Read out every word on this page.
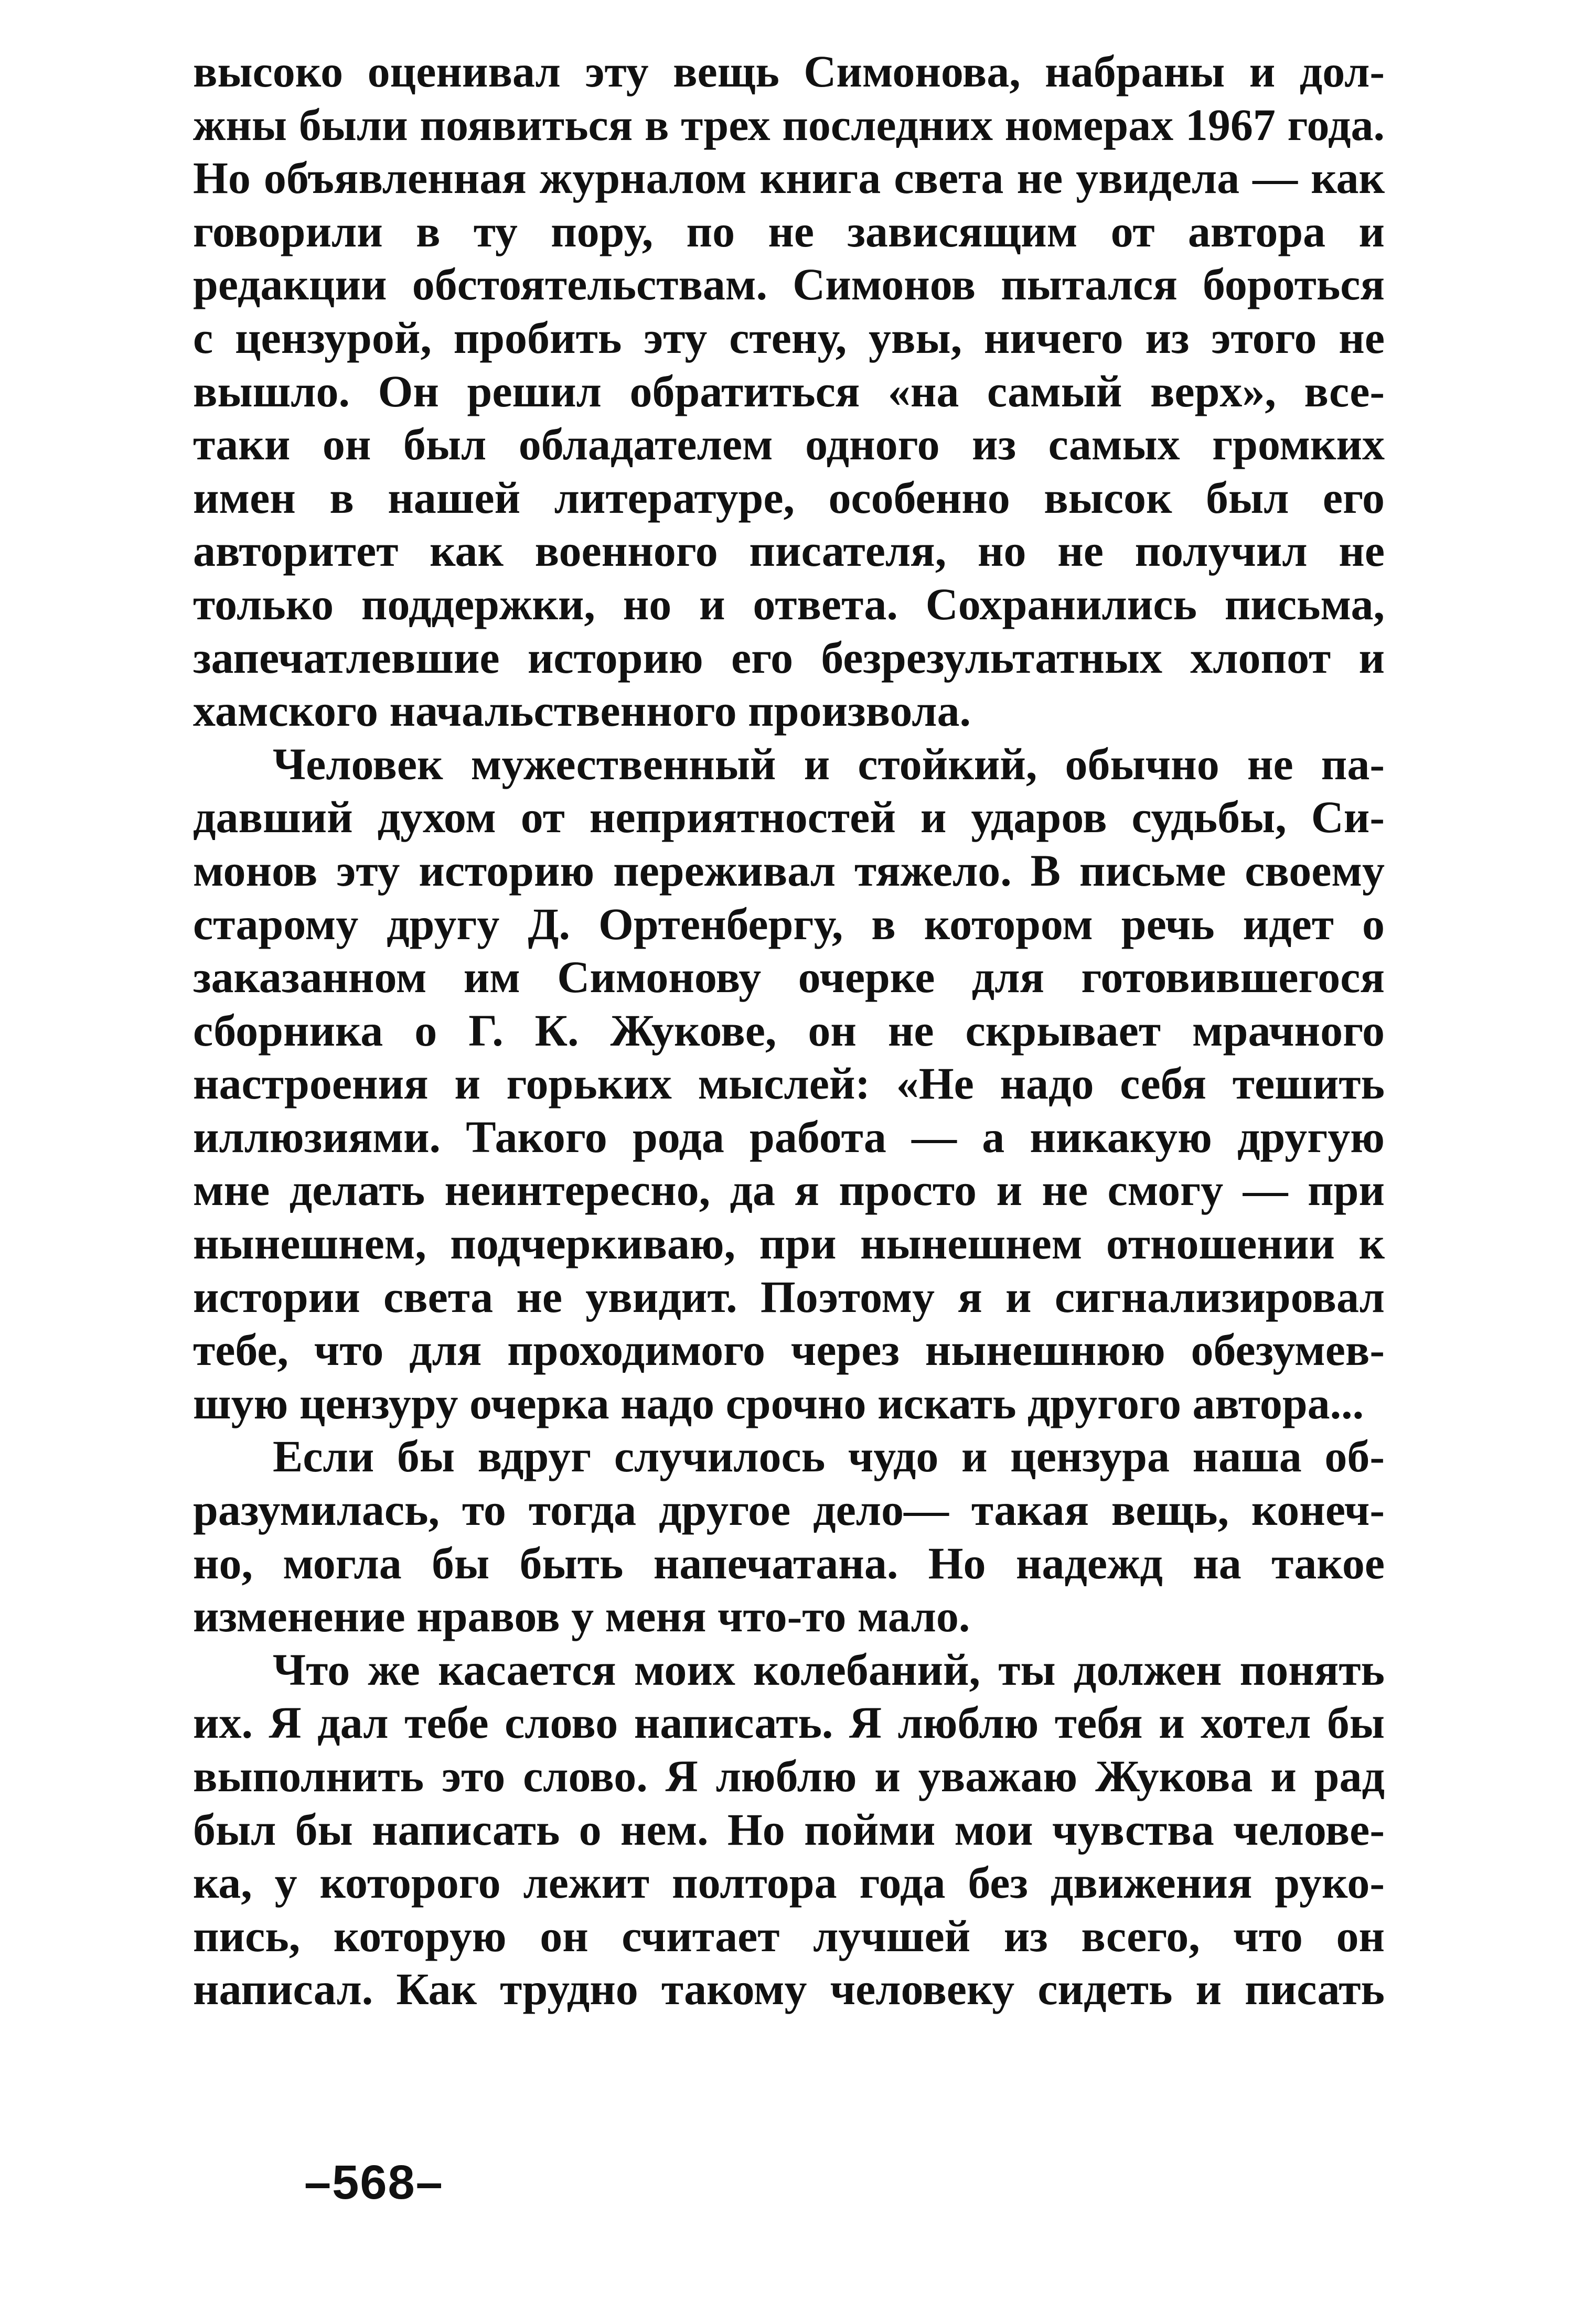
высоко оценивал эту вещь Симонова, набраны и дол-
жны были появиться в трех последних номерах 1967 года.
Но объявленная журналом книга света не увидела — как
говорили в ту пору, по не зависящим от автора и
редакции обстоятельствам. Симонов пытался бороться
с цензурой, пробить эту стену, увы, ничего из этого не
вышло. Он решил обратиться «на самый верх», все-
таки он был обладателем одного из самых громких
имен в нашей литературе, особенно высок был его
авторитет как военного писателя, но не получил не
только поддержки, но и ответа. Сохранились письма,
запечатлевшие историю его безрезультатных хлопот и
хамского начальственного произвола.
Человек мужественный и стойкий, обычно не па-
давший духом от неприятностей и ударов судьбы, Си-
монов эту историю переживал тяжело. В письме своему
старому другу Д. Ортенбергу, в котором речь идет о
заказанном им Симонову очерке для готовившегося
сборника о Г. К. Жукове, он не скрывает мрачного
настроения и горьких мыслей: «Не надо себя тешить
иллюзиями. Такого рода работа — а никакую другую
мне делать неинтересно, да я просто и не смогу — при
нынешнем, подчеркиваю, при нынешнем отношении к
истории света не увидит. Поэтому я и сигнализировал
тебе, что для проходимого через нынешнюю обезумев-
шую цензуру очерка надо срочно искать другого автора...
Если бы вдруг случилось чудо и цензура наша об-
разумилась, то тогда другое дело— такая вещь, конеч-
но, могла бы быть напечатана. Но надежд на такое
изменение нравов у меня что-то мало.
Что же касается моих колебаний, ты должен понять
их. Я дал тебе слово написать. Я люблю тебя и хотел бы
выполнить это слово. Я люблю и уважаю Жукова и рад
был бы написать о нем. Но пойми мои чувства челове-
ка, у которого лежит полтора года без движения руко-
пись, которую он считает лучшей из всего, что он
написал. Как трудно такому человеку сидеть и писать
–568–
